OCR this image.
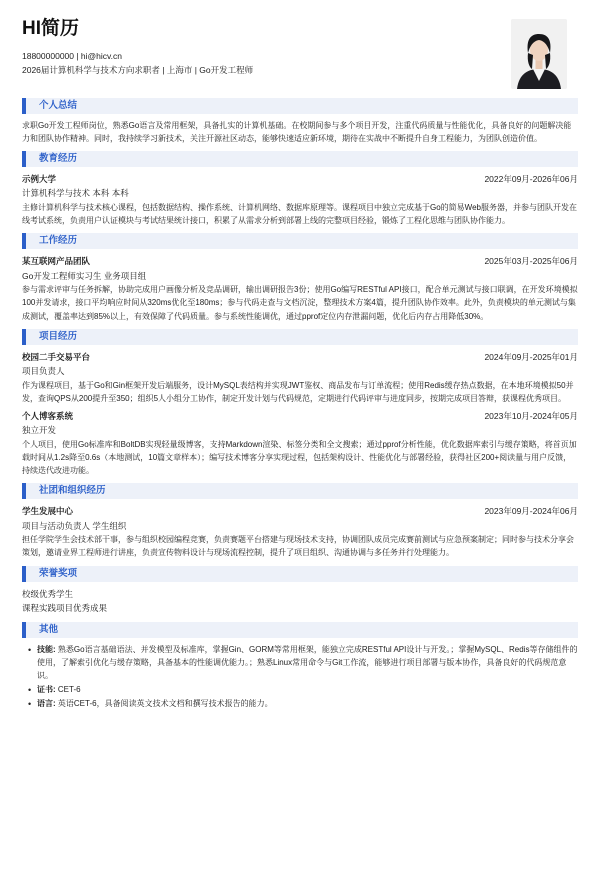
HI简历
18800000000 | hi@hicv.cn
2026届计算机科学与技术方向求职者 | 上海市 | Go开发工程师
个人总结
求职Go开发工程师岗位，熟悉Go语言及常用框架，具备扎实的计算机基础。在校期间参与多个项目开发，注重代码质量与性能优化，具备良好的问题解决能力和团队协作精神。同时，我持续学习新技术，关注开源社区动态，能够快速适应新环境，期待在实战中不断提升自身工程能力，为团队创造价值。
教育经历
示例大学	2022年09月-2026年06月
计算机科学与技术 本科 本科
主修计算机科学与技术核心课程，包括数据结构、操作系统、计算机网络、数据库原理等。课程项目中独立完成基于Go的简易Web服务器，并参与团队开发在线考试系统，负责用户认证模块与考试结果统计接口，积累了从需求分析到部署上线的完整项目经验，锻炼了工程化思维与团队协作能力。
工作经历
某互联网产品团队	2025年03月-2025年06月
Go开发工程师实习生 业务项目组
参与需求评审与任务拆解，协助完成用户画像分析及竞品调研，输出调研报告3份；使用Go编写RESTful API接口，配合单元测试与接口联调，在开发环境模拟100并发请求，接口平均响应时间从320ms优化至180ms；参与代码走查与文档沉淀，整理技术方案4篇，提升团队协作效率。此外，负责模块的单元测试与集成测试，覆盖率达到85%以上，有效保障了代码质量。参与系统性能调优，通过pprof定位内存泄漏问题，优化后内存占用降低30%。
项目经历
校园二手交易平台	2024年09月-2025年01月
项目负责人
作为课程项目，基于Go和Gin框架开发后端服务，设计MySQL表结构并实现JWT鉴权、商品发布与订单流程；使用Redis缓存热点数据，在本地环境模拟50并发，查询QPS从200提升至350；组织5人小组分工协作，制定开发计划与代码规范，定期进行代码评审与进度同步，按期完成项目答辩，获课程优秀项目。
个人博客系统	2023年10月-2024年05月
独立开发
个人项目，使用Go标准库和BoltDB实现轻量级博客，支持Markdown渲染、标签分类和全文搜索；通过pprof分析性能，优化数据库索引与缓存策略，将首页加载时间从1.2s降至0.6s（本地测试，10篇文章样本）；编写技术博客分享实现过程，包括架构设计、性能优化与部署经验，获得社区200+阅读量与用户反馈，持续迭代改进功能。
社团和组织经历
学生发展中心	2023年09月-2024年06月
项目与活动负责人 学生组织
担任学院学生会技术部干事，参与组织校园编程竞赛，负责赛题平台搭建与现场技术支持，协调团队成员完成赛前测试与应急预案制定；同时参与技术分享会策划，邀请业界工程师进行讲座，负责宣传物料设计与现场流程控制，提升了项目组织、沟通协调与多任务并行处理能力。
荣誉奖项
校级优秀学生
课程实践项目优秀成果
其他
• 技能: 熟悉Go语言基础语法、并发模型及标准库，掌握Gin、GORM等常用框架，能独立完成RESTful API设计与开发。；掌握MySQL、Redis等存储组件的使用，了解索引优化与缓存策略，具备基本的性能调优能力。；熟悉Linux常用命令与Git工作流，能够进行项目部署与版本协作，具备良好的代码规范意识。
• 证书: CET-6
• 语言: 英语CET-6，具备阅读英文技术文档和撰写技术报告的能力。
